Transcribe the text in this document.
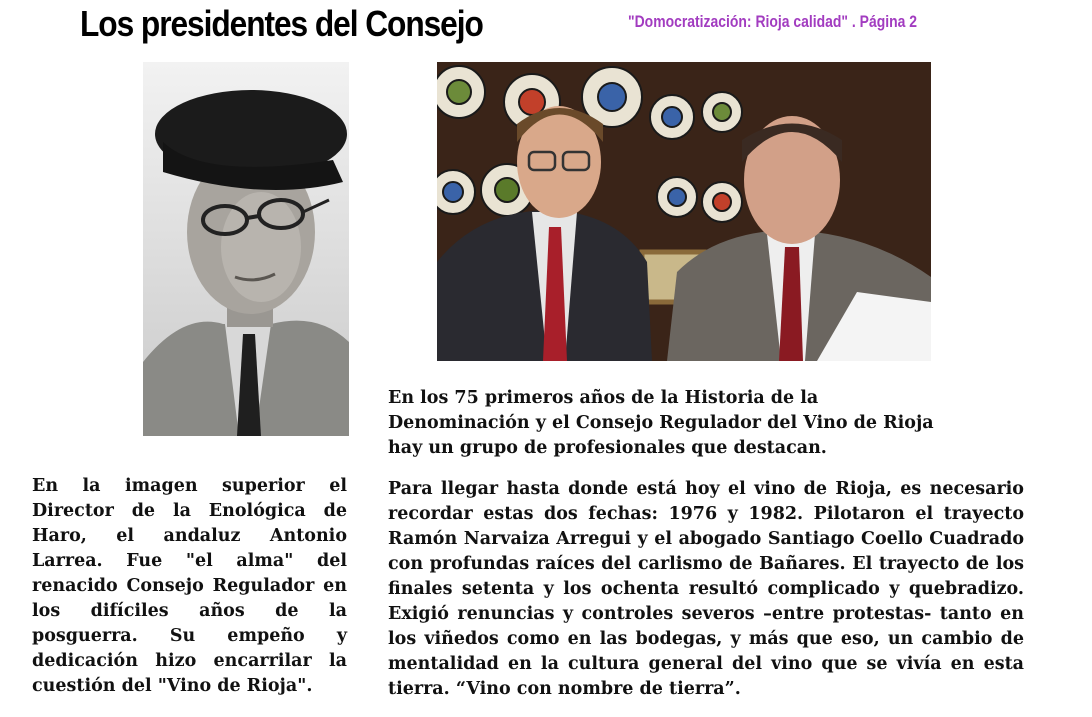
Los presidentes del Consejo	"Domocratización: Rioja calidad" . Página 2

En los 75 primeros años de la Historia de la Denominación y el Consejo Regulador del Vino de Rioja hay un grupo de profesionales que destacan.

En la imagen superior el Director de la Enológica de Haro, el andaluz Antonio Larrea. Fue "el alma" del renacido Consejo Regulador en los difíciles años de la posguerra. Su empeño y dedicación hizo encarrilar la cuestión del "Vino de Rioja".

Para llegar hasta donde está hoy el vino de Rioja, es necesario recordar estas dos fechas: 1976 y 1982. Pilotaron el trayecto Ramón Narvaiza Arregui y el abogado Santiago Coello Cuadrado con profundas raíces del carlismo de Bañares. El trayecto de los finales setenta y los ochenta resultó complicado y quebradizo. Exigió renuncias y controles severos –entre protestas- tanto en los viñedos como en las bodegas, y más que eso, un cambio de mentalidad en la cultura general del vino que se vivía en esta tierra. “Vino con nombre de tierra”.
